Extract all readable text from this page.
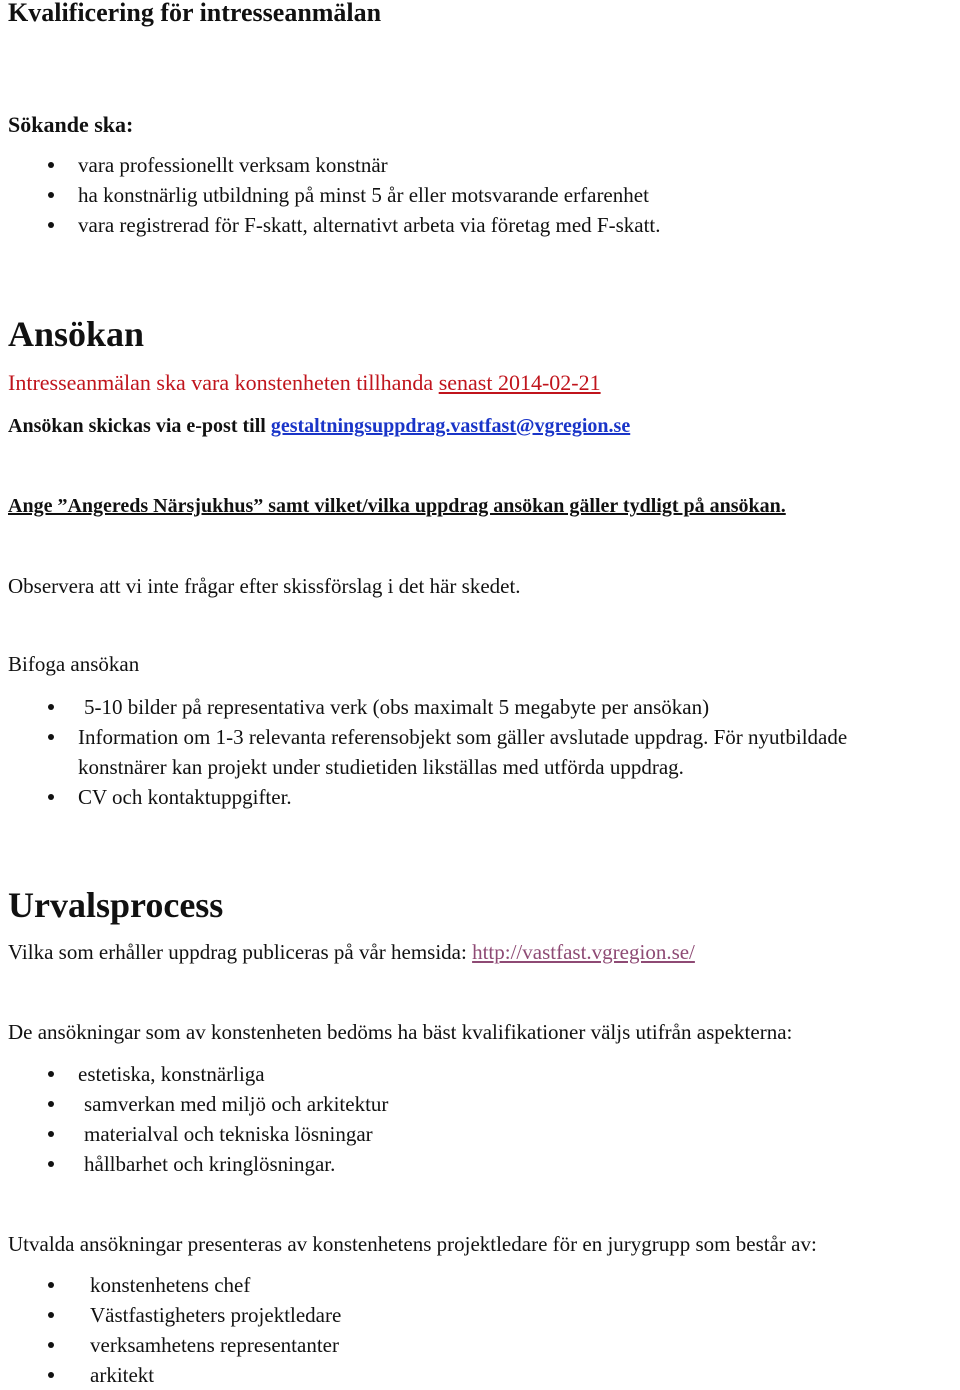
Kvalificering för intresseanmälan
Sökande ska:
vara professionellt verksam konstnär
ha konstnärlig utbildning på minst 5 år eller motsvarande erfarenhet
vara registrerad för F-skatt, alternativt arbeta via företag med F-skatt.
Ansökan
Intresseanmälan ska vara konstenheten tillhanda senast 2014-02-21
Ansökan skickas via e-post till gestaltningsuppdrag.vastfast@vgregion.se
Ange ”Angereds Närsjukhus” samt vilket/vilka uppdrag ansökan gäller tydligt på ansökan.
Observera att vi inte frågar efter skissförslag i det här skedet.
Bifoga ansökan
5-10 bilder på representativa verk (obs maximalt 5 megabyte per ansökan)
Information om 1-3 relevanta referensobjekt som gäller avslutade uppdrag. För nyutbildade
konstnärer kan projekt under studietiden likställas med utförda uppdrag.
CV och kontaktuppgifter.
Urvalsprocess
Vilka som erhåller uppdrag publiceras på vår hemsida: http://vastfast.vgregion.se/
De ansökningar som av konstenheten bedöms ha bäst kvalifikationer väljs utifrån aspekterna:
estetiska, konstnärliga
samverkan med miljö och arkitektur
materialval och tekniska lösningar
hållbarhet och kringlösningar.
Utvalda ansökningar presenteras av konstenhetens projektledare för en jurygrupp som består av:
konstenhetens chef
Västfastigheters projektledare
verksamhetens representanter
arkitekt
